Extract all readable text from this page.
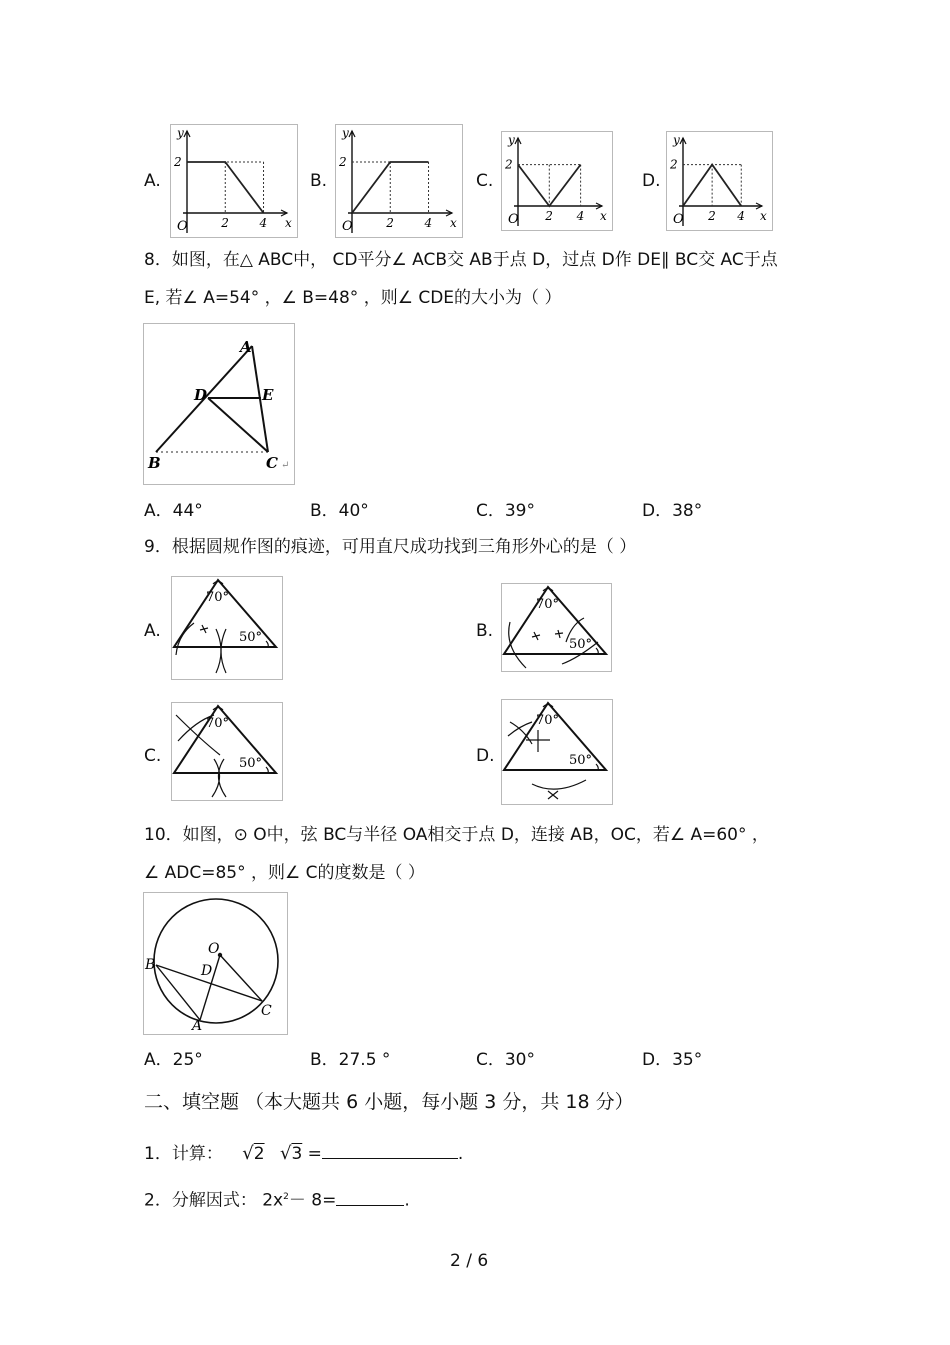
A.	B.	C.	D.
y
x
O
2
2	4
y
x
O
2
2	4
y
x
O
2
2 4
y
x
O
2
2 4
8．如图，在△ ABC中， CD平分∠ ACB交 AB于点 D，过点 D作 DE∥ BC交 AC于点
E, 若∠ A=54° ，∠ B=48° ，则∠ CDE的大小为（ ）
A
D	E
B	C ↵
A．44°	B．40°	C．39°	D．38°
9．根据圆规作图的痕迹，可用直尺成功找到三角形外心的是（ ）
A.	B.
C.	D.
70°
50°
70°
50°
70°
50°
70°
50°
10．如图，⊙ O中，弦 BC与半径 OA相交于点 D，连接 AB，OC，若∠ A=60° ，
∠ ADC=85° ，则∠ C的度数是（ ）
O
B	D
A
C
A．25°	B．27.5 °	C．30°	D．35°
二、填空题 （本大题共 6 小题，每小题 3 分，共 18 分）
1．计算： √2 √3 =	.
2．分解因式： $2x^2- 8=$	.
2 / 6
